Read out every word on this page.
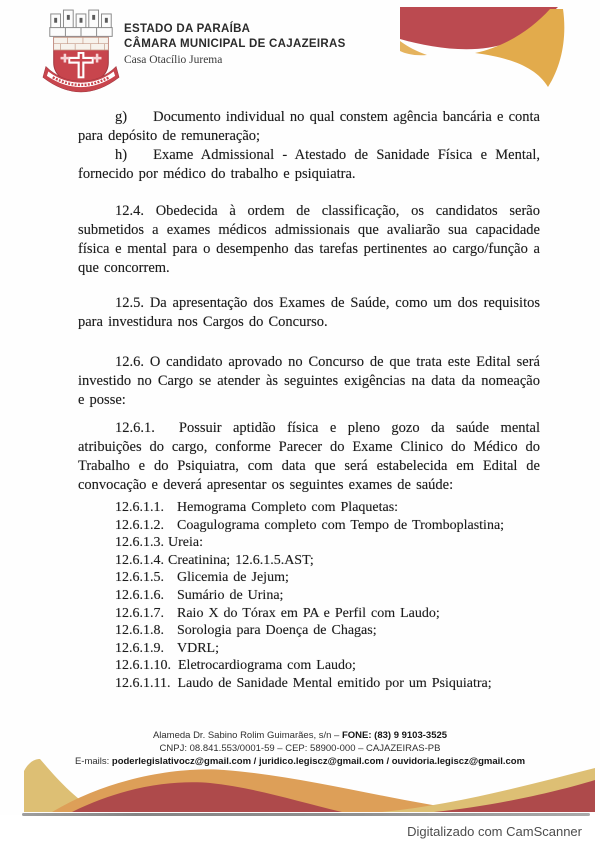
ESTADO DA PARAÍBA
CÂMARA MUNICIPAL DE CAJAZEIRAS
Casa Otacílio Jurema

g) Documento individual no qual constem agência bancária e conta para depósito de remuneração;

h) Exame Admissional - Atestado de Sanidade Física e Mental, fornecido por médico do trabalho e psiquiatra.

12.4. Obedecida à ordem de classificação, os candidatos serão submetidos a exames médicos admissionais que avaliarão sua capacidade física e mental para o desempenho das tarefas pertinentes ao cargo/função a que concorrem.

12.5. Da apresentação dos Exames de Saúde, como um dos requisitos para investidura nos Cargos do Concurso.

12.6. O candidato aprovado no Concurso de que trata este Edital será investido no Cargo se atender às seguintes exigências na data da nomeação e posse:

12.6.1. Possuir aptidão física e pleno gozo da saúde mental atribuições do cargo, conforme Parecer do Exame Clinico do Médico do Trabalho e do Psiquiatra, com data que será estabelecida em Edital de convocação e deverá apresentar os seguintes exames de saúde:

12.6.1.1. Hemograma Completo com Plaquetas:
12.6.1.2. Coagulograma completo com Tempo de Tromboplastina;
12.6.1.3. Ureia:
12.6.1.4. Creatinina; 12.6.1.5.AST;
12.6.1.5. Glicemia de Jejum;
12.6.1.6. Sumário de Urina;
12.6.1.7. Raio X do Tórax em PA e Perfil com Laudo;
12.6.1.8. Sorologia para Doença de Chagas;
12.6.1.9. VDRL;
12.6.1.10. Eletrocardiograma com Laudo;
12.6.1.11. Laudo de Sanidade Mental emitido por um Psiquiatra;
Alameda Dr. Sabino Rolim Guimarães, s/n – FONE: (83) 9 9103-3525
CNPJ: 08.841.553/0001-59 – CEP: 58900-000 – CAJAZEIRAS-PB
E-mails: poderlegislativocz@gmail.com / juridico.legiscz@gmail.com / ouvidoria.legiscz@gmail.com
Digitalizado com CamScanner
